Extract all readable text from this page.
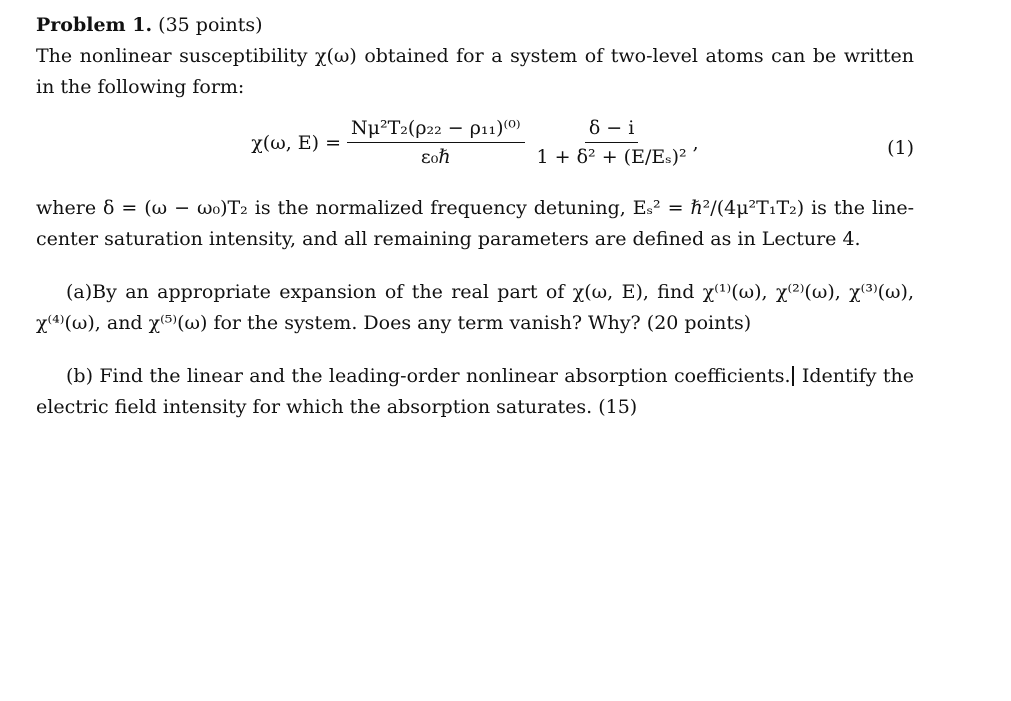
Problem 1. (35 points)

The nonlinear susceptibility χ(ω) obtained for a system of two-level atoms can be written in the following form:

χ(ω, $E) = \frac{\text{Nμ²T₂(ρ₂₂ − ρ₁₁)⁽⁰⁾}}{\text{ε₀ℏ}} \frac{\delta - i}{\text{1 + δ² + (E/Eₛ)²}}$ ,	(1)

where δ = (ω − ω₀)T₂ is the normalized frequency detuning, Eₛ² = ℏ²/(4μ²T₁T₂) is the line-center saturation intensity, and all remaining parameters are defined as in Lecture 4.

(a)By an appropriate expansion of the real part of χ(ω, E), find χ⁽¹⁾(ω), χ⁽²⁾(ω), χ⁽³⁾(ω), χ⁽⁴⁾(ω), and χ⁽⁵⁾(ω) for the system. Does any term vanish? Why? (20 points)

(b) Find the linear and the leading-order nonlinear absorption coefficients. Identify the electric field intensity for which the absorption saturates. (15)
